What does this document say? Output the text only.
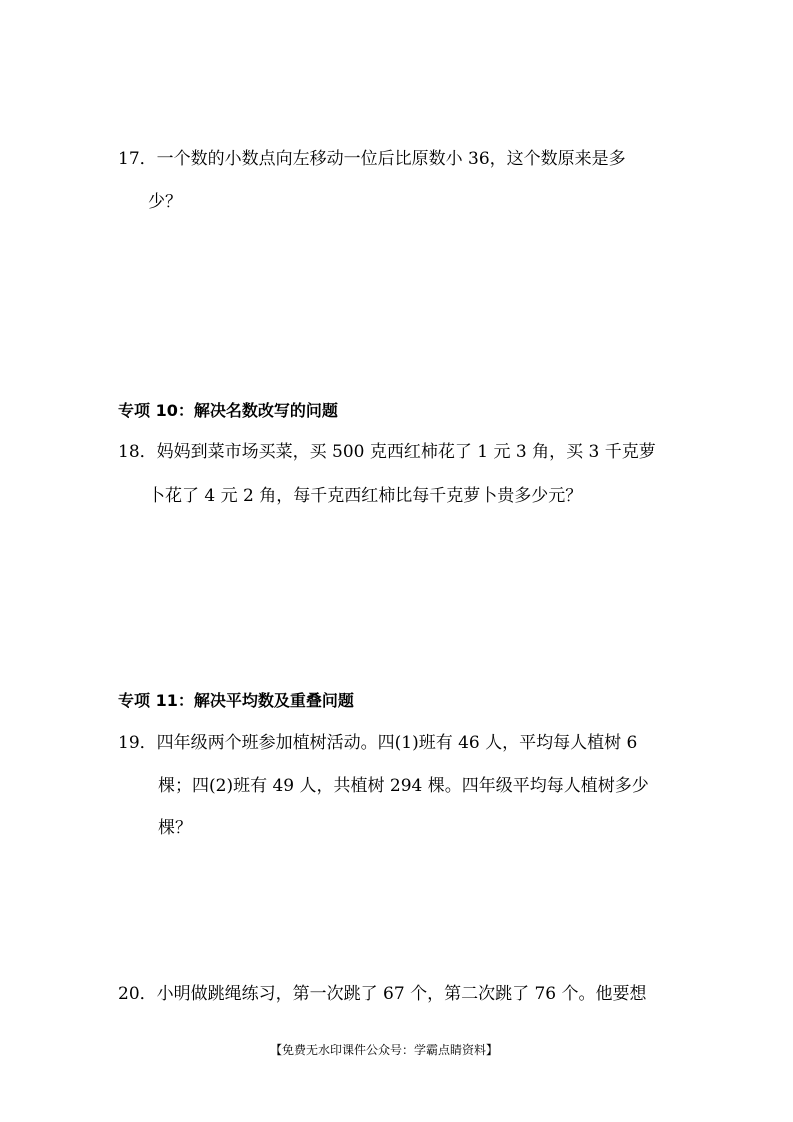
17．一个数的小数点向左移动一位后比原数小 36，这个数原来是多
少？
专项 10：解决名数改写的问题
18．妈妈到菜市场买菜，买 500 克西红柿花了 1 元 3 角，买 3 千克萝
卜花了 4 元 2 角，每千克西红柿比每千克萝卜贵多少元？
专项 11：解决平均数及重叠问题
19．四年级两个班参加植树活动。四(1)班有 46 人，平均每人植树 6
棵；四(2)班有 49 人，共植树 294 棵。四年级平均每人植树多少
棵？
20．小明做跳绳练习，第一次跳了 67 个，第二次跳了 76 个。他要想
【免费无水印课件公众号：学霸点睛资料】
